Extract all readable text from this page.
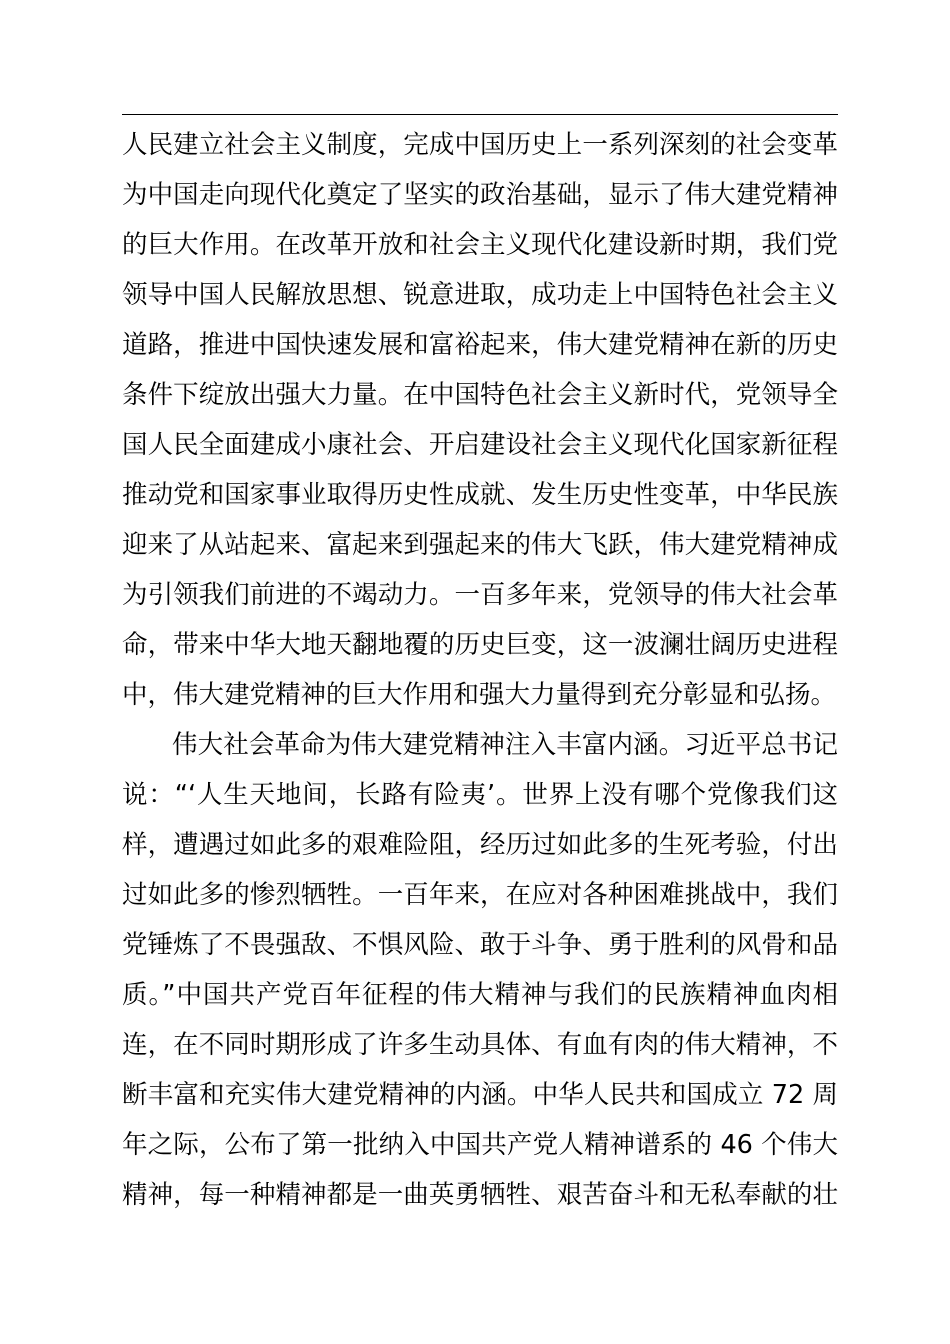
人民建立社会主义制度，完成中国历史上一系列深刻的社会变革
为中国走向现代化奠定了坚实的政治基础，显示了伟大建党精神
的巨大作用。在改革开放和社会主义现代化建设新时期，我们党
领导中国人民解放思想、锐意进取，成功走上中国特色社会主义
道路，推进中国快速发展和富裕起来，伟大建党精神在新的历史
条件下绽放出强大力量。在中国特色社会主义新时代，党领导全
国人民全面建成小康社会、开启建设社会主义现代化国家新征程
推动党和国家事业取得历史性成就、发生历史性变革，中华民族
迎来了从站起来、富起来到强起来的伟大飞跃，伟大建党精神成
为引领我们前进的不竭动力。一百多年来，党领导的伟大社会革
命，带来中华大地天翻地覆的历史巨变，这一波澜壮阔历史进程
中，伟大建党精神的巨大作用和强大力量得到充分彰显和弘扬。
伟大社会革命为伟大建党精神注入丰富内涵。习近平总书记
说：“‘人生天地间，长路有险夷’。世界上没有哪个党像我们这
样，遭遇过如此多的艰难险阻，经历过如此多的生死考验，付出
过如此多的惨烈牺牲。一百年来，在应对各种困难挑战中，我们
党锤炼了不畏强敌、不惧风险、敢于斗争、勇于胜利的风骨和品
质。”中国共产党百年征程的伟大精神与我们的民族精神血肉相
连，在不同时期形成了许多生动具体、有血有肉的伟大精神，不
断丰富和充实伟大建党精神的内涵。中华人民共和国成立 72 周
年之际，公布了第一批纳入中国共产党人精神谱系的 46 个伟大
精神，每一种精神都是一曲英勇牺牲、艰苦奋斗和无私奉献的壮
